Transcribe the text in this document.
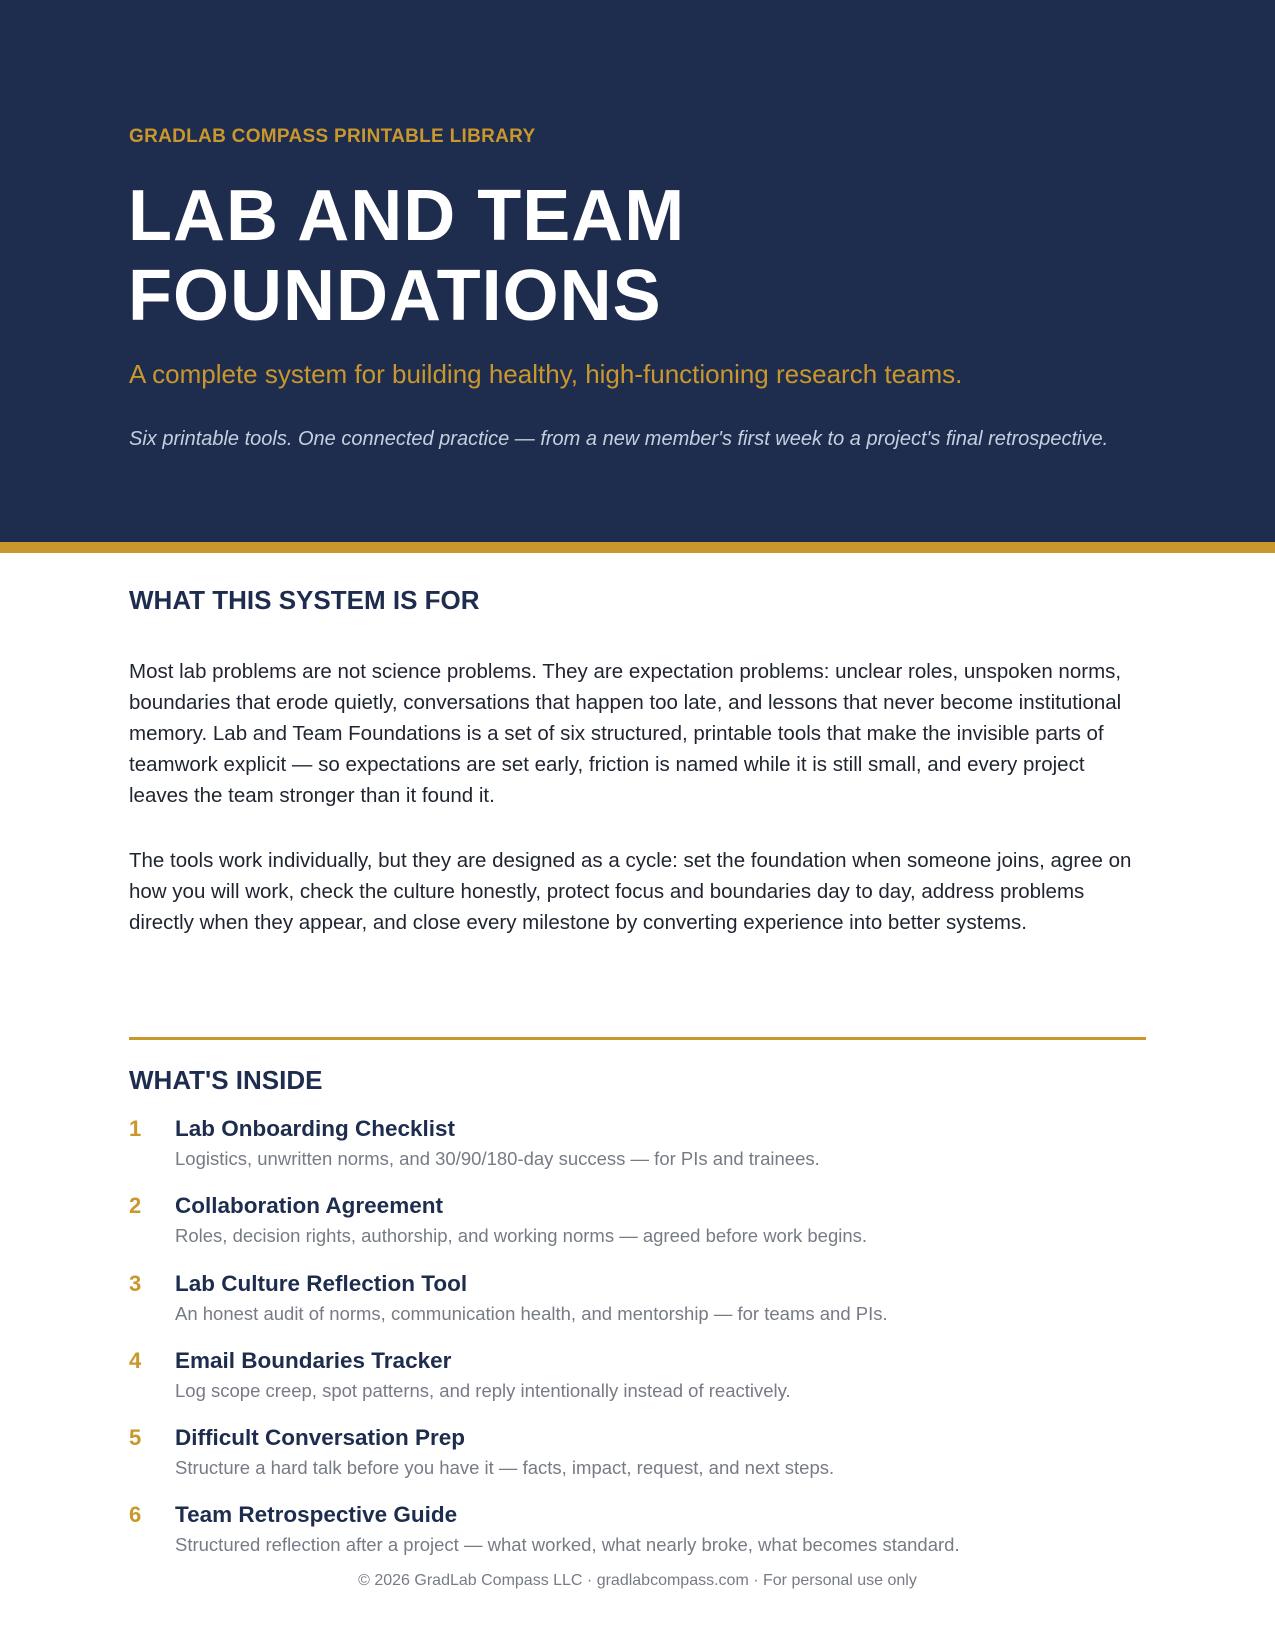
GRADLAB COMPASS PRINTABLE LIBRARY
LAB AND TEAM
FOUNDATIONS
A complete system for building healthy, high-functioning research teams.
Six printable tools. One connected practice — from a new member's first week to a project's final retrospective.
WHAT THIS SYSTEM IS FOR

Most lab problems are not science problems. They are expectation problems: unclear roles, unspoken norms, boundaries that erode quietly, conversations that happen too late, and lessons that never become institutional memory. Lab and Team Foundations is a set of six structured, printable tools that make the invisible parts of teamwork explicit — so expectations are set early, friction is named while it is still small, and every project leaves the team stronger than it found it.

The tools work individually, but they are designed as a cycle: set the foundation when someone joins, agree on how you will work, check the culture honestly, protect focus and boundaries day to day, address problems directly when they appear, and close every milestone by converting experience into better systems.

WHAT'S INSIDE
1 Lab Onboarding Checklist
Logistics, unwritten norms, and 30/90/180-day success — for PIs and trainees.
2 Collaboration Agreement
Roles, decision rights, authorship, and working norms — agreed before work begins.
3 Lab Culture Reflection Tool
An honest audit of norms, communication health, and mentorship — for teams and PIs.
4 Email Boundaries Tracker
Log scope creep, spot patterns, and reply intentionally instead of reactively.
5 Difficult Conversation Prep
Structure a hard talk before you have it — facts, impact, request, and next steps.
6 Team Retrospective Guide
Structured reflection after a project — what worked, what nearly broke, what becomes standard.
© 2026 GradLab Compass LLC · gradlabcompass.com · For personal use only
